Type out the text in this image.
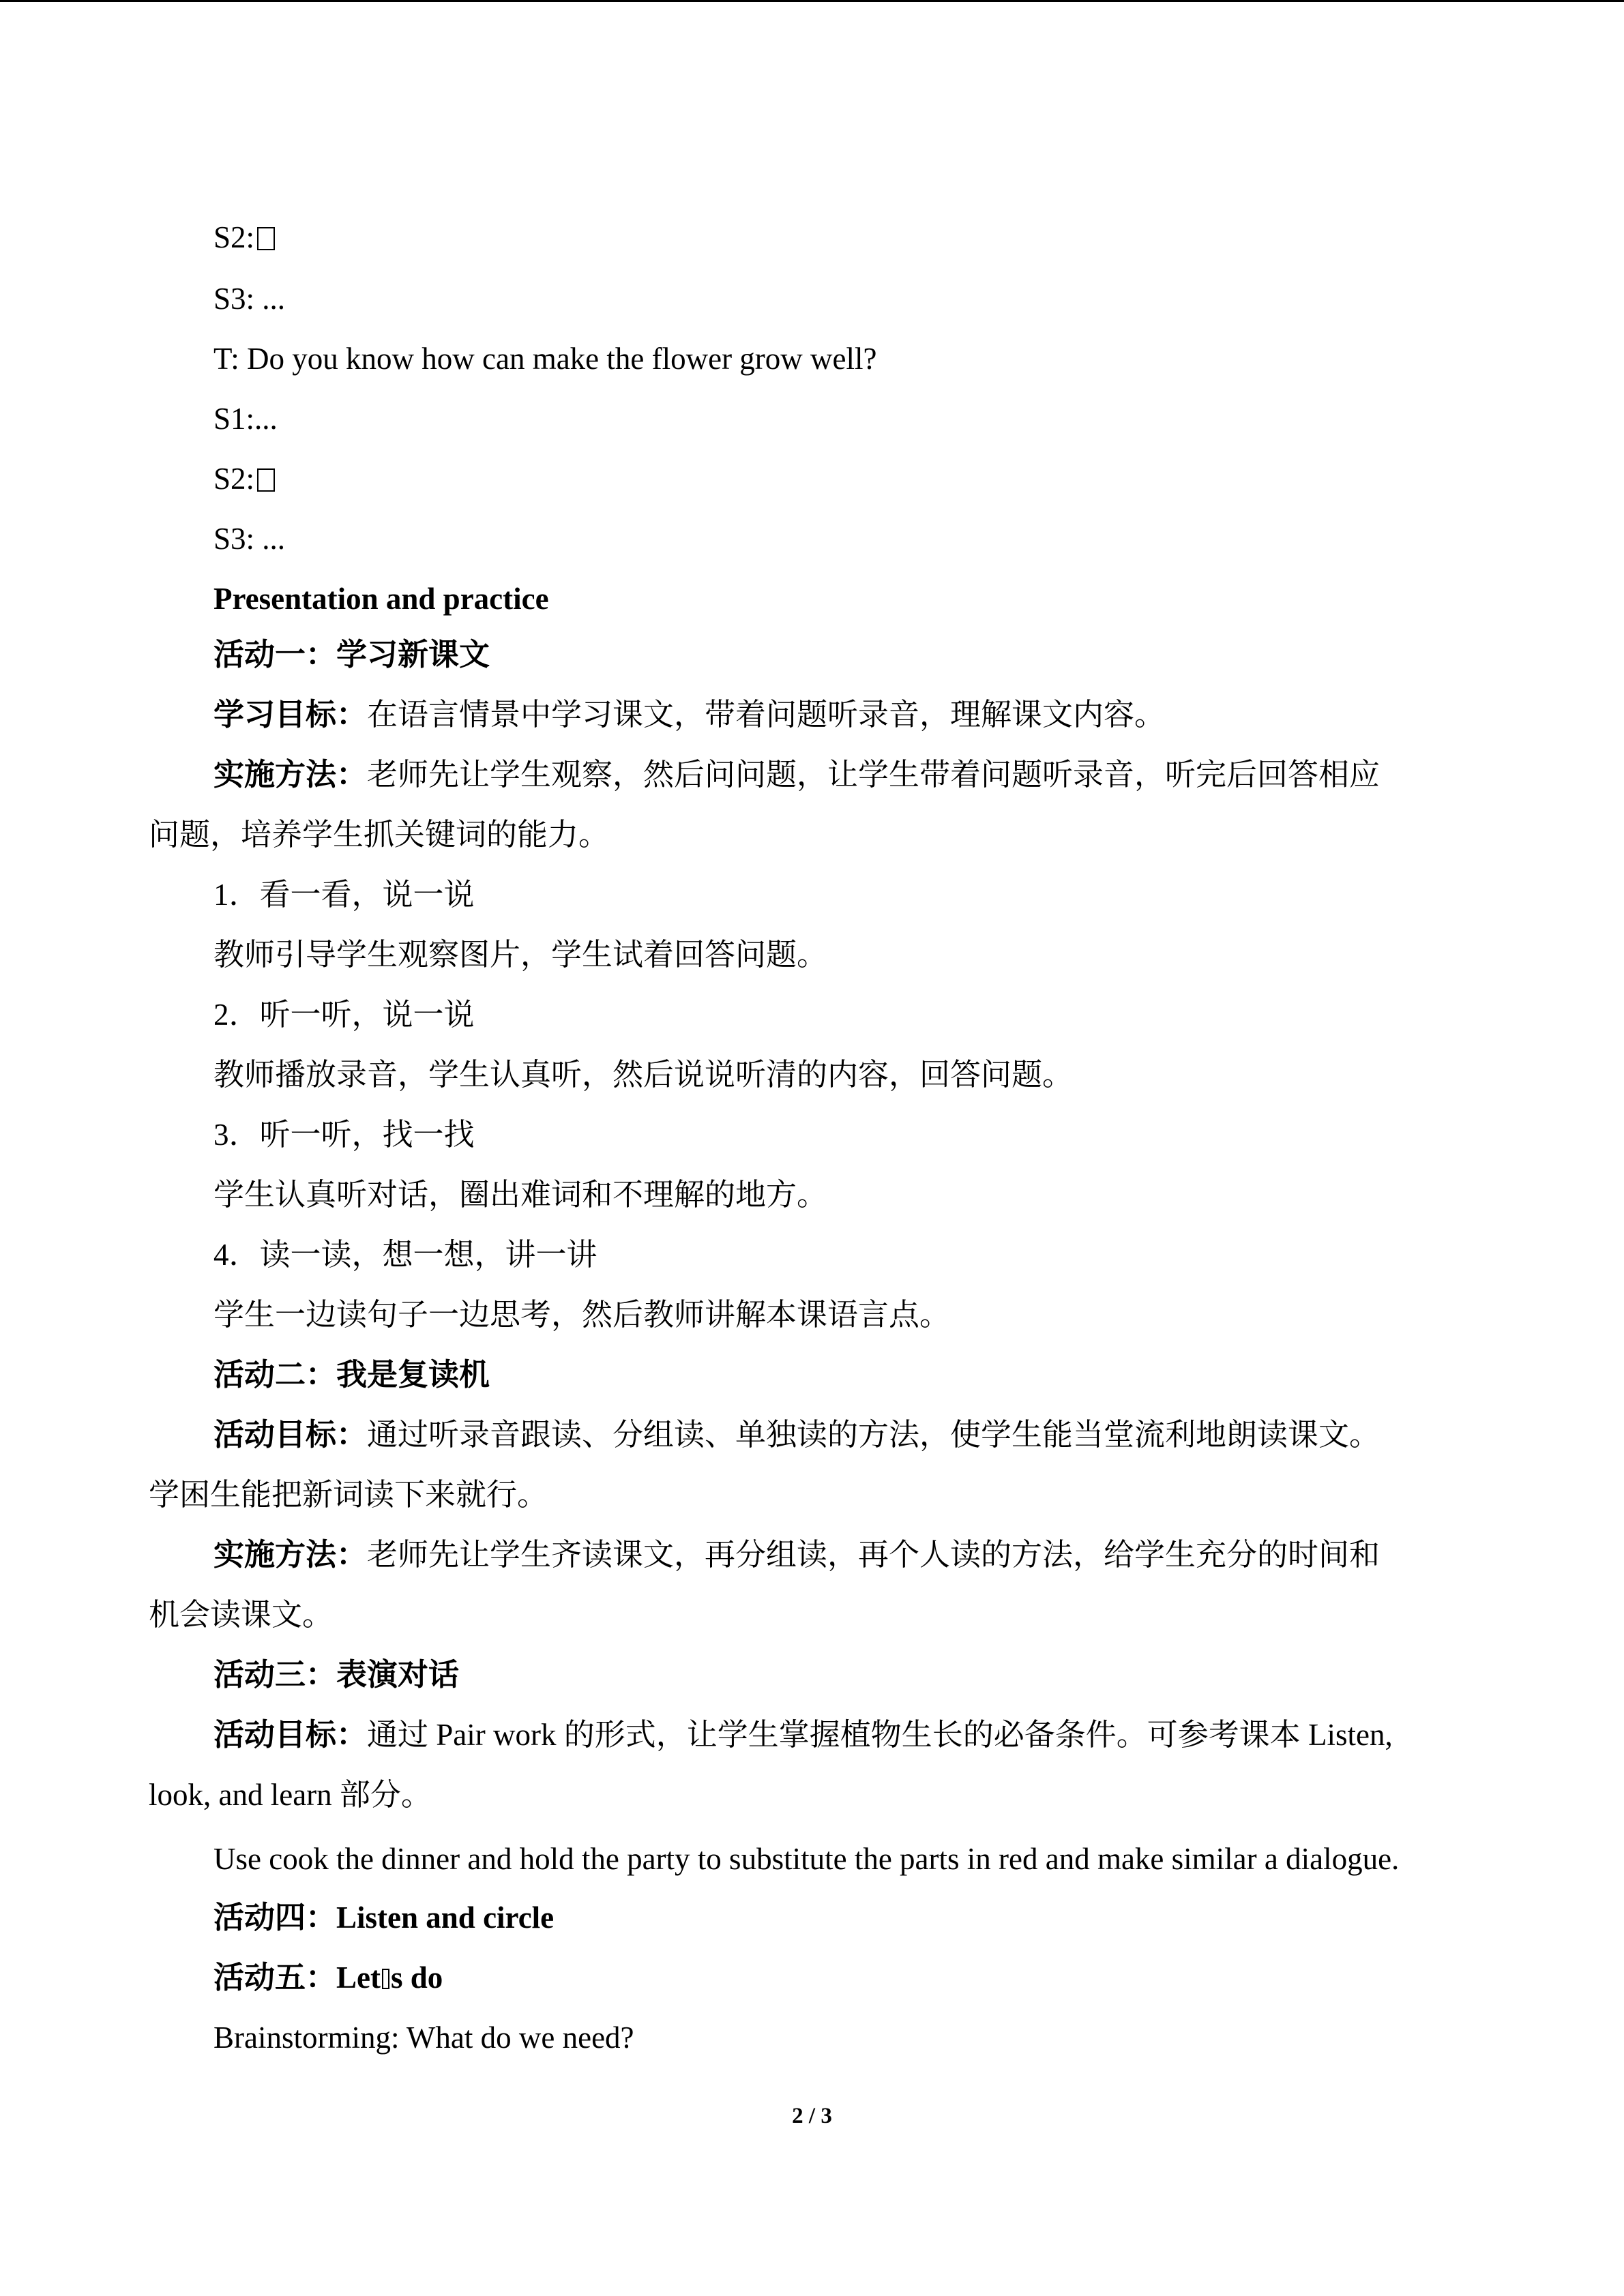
S2:
S3: ...
T: Do you know how can make the flower grow well?
S1:...
S2:
S3: ...
Presentation and practice
活动一：学习新课文
学习目标：在语言情景中学习课文，带着问题听录音，理解课文内容。
实施方法：老师先让学生观察，然后问问题，让学生带着问题听录音，听完后回答相应
问题，培养学生抓关键词的能力。
1．看一看，说一说
教师引导学生观察图片，学生试着回答问题。
2．听一听，说一说
教师播放录音，学生认真听，然后说说听清的内容，回答问题。
3．听一听，找一找
学生认真听对话，圈出难词和不理解的地方。
4．读一读，想一想，讲一讲
学生一边读句子一边思考，然后教师讲解本课语言点。
活动二：我是复读机
活动目标：通过听录音跟读、分组读、单独读的方法，使学生能当堂流利地朗读课文。
学困生能把新词读下来就行。
实施方法：老师先让学生齐读课文，再分组读，再个人读的方法，给学生充分的时间和
机会读课文。
活动三：表演对话
活动目标：通过 Pair work 的形式，让学生掌握植物生长的必备条件。可参考课本 Listen,
look, and learn 部分。
Use cook the dinner and hold the party to substitute the parts in red and make similar a dialogue.
活动四：Listen and circle
活动五：Let s do
Brainstorming: What do we need?
2 / 3
